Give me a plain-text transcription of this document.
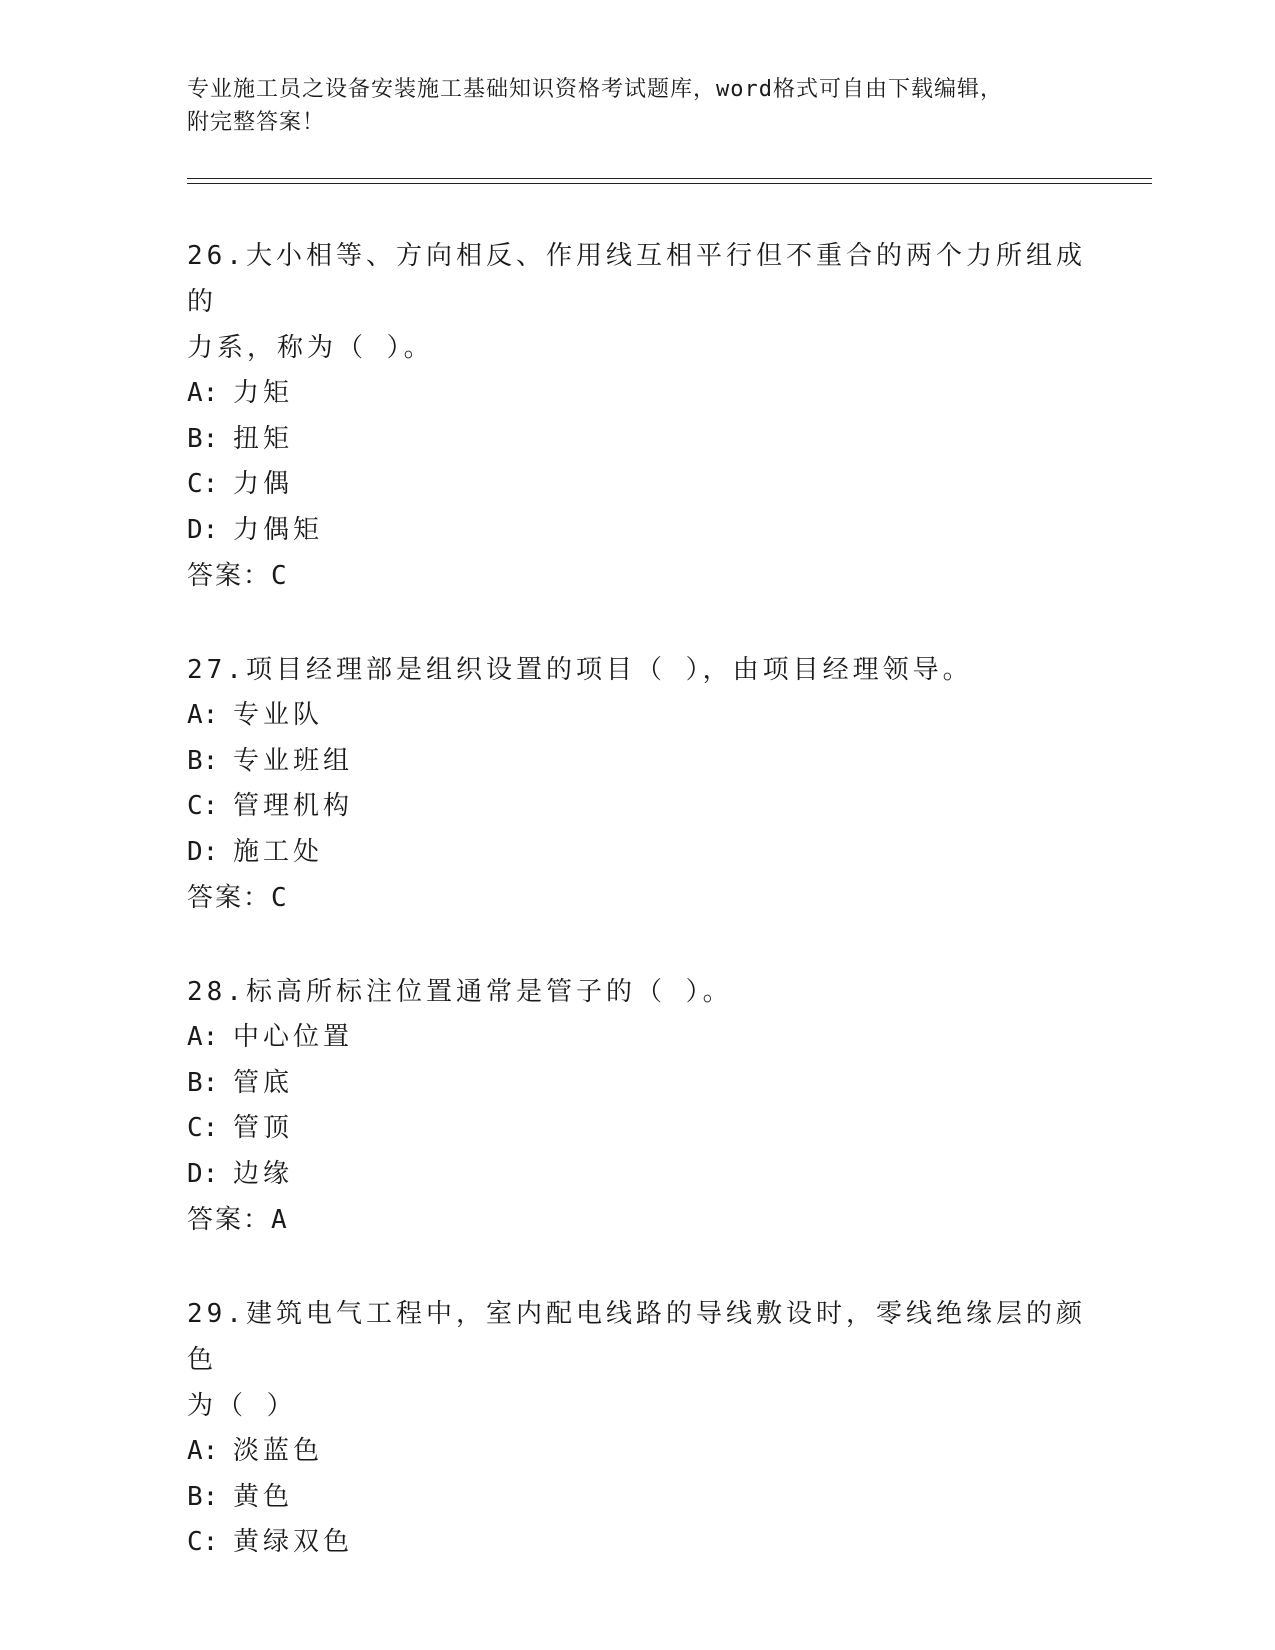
专业施工员之设备安装施工基础知识资格考试题库，word格式可自由下载编辑，
附完整答案！

26.大小相等、方向相反、作用线互相平行但不重合的两个力所组成的

力系，称为（ ）。

A: 力矩

B: 扭矩

C: 力偶

D: 力偶矩

答案：C

27.项目经理部是组织设置的项目（ ），由项目经理领导。

A: 专业队

B: 专业班组

C: 管理机构

D: 施工处

答案：C

28.标高所标注位置通常是管子的（ ）。

A: 中心位置

B: 管底

C: 管顶

D: 边缘

答案：A

29.建筑电气工程中，室内配电线路的导线敷设时，零线绝缘层的颜色

为（ ）

A: 淡蓝色

B: 黄色

C: 黄绿双色
